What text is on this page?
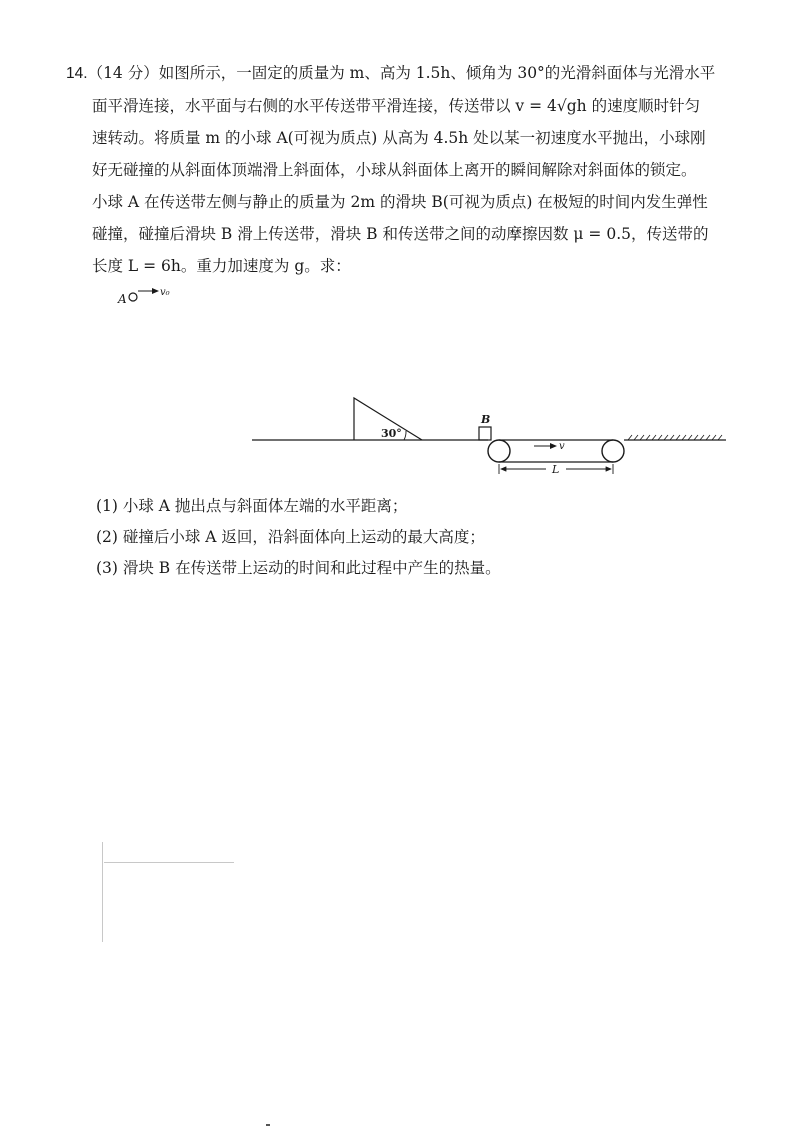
14.（14 分）如图所示，一固定的质量为 m、高为 1.5h、倾角为 30°的光滑斜面体与光滑水平
面平滑连接，水平面与右侧的水平传送带平滑连接，传送带以 v = 4√gh 的速度顺时针匀
速转动。将质量 m 的小球 A(可视为质点) 从高为 4.5h 处以某一初速度水平抛出，小球刚
好无碰撞的从斜面体顶端滑上斜面体，小球从斜面体上离开的瞬间解除对斜面体的锁定。
小球 A 在传送带左侧与静止的质量为 2m 的滑块 B(可视为质点) 在极短的时间内发生弹性
碰撞，碰撞后滑块 B 滑上传送带，滑块 B 和传送带之间的动摩擦因数 μ = 0.5，传送带的
长度 L = 6h。重力加速度为 g。求：
A	v₀
30°
B
v
L
(1) 小球 A 抛出点与斜面体左端的水平距离；
(2) 碰撞后小球 A 返回，沿斜面体向上运动的最大高度；
(3) 滑块 B 在传送带上运动的时间和此过程中产生的热量。
